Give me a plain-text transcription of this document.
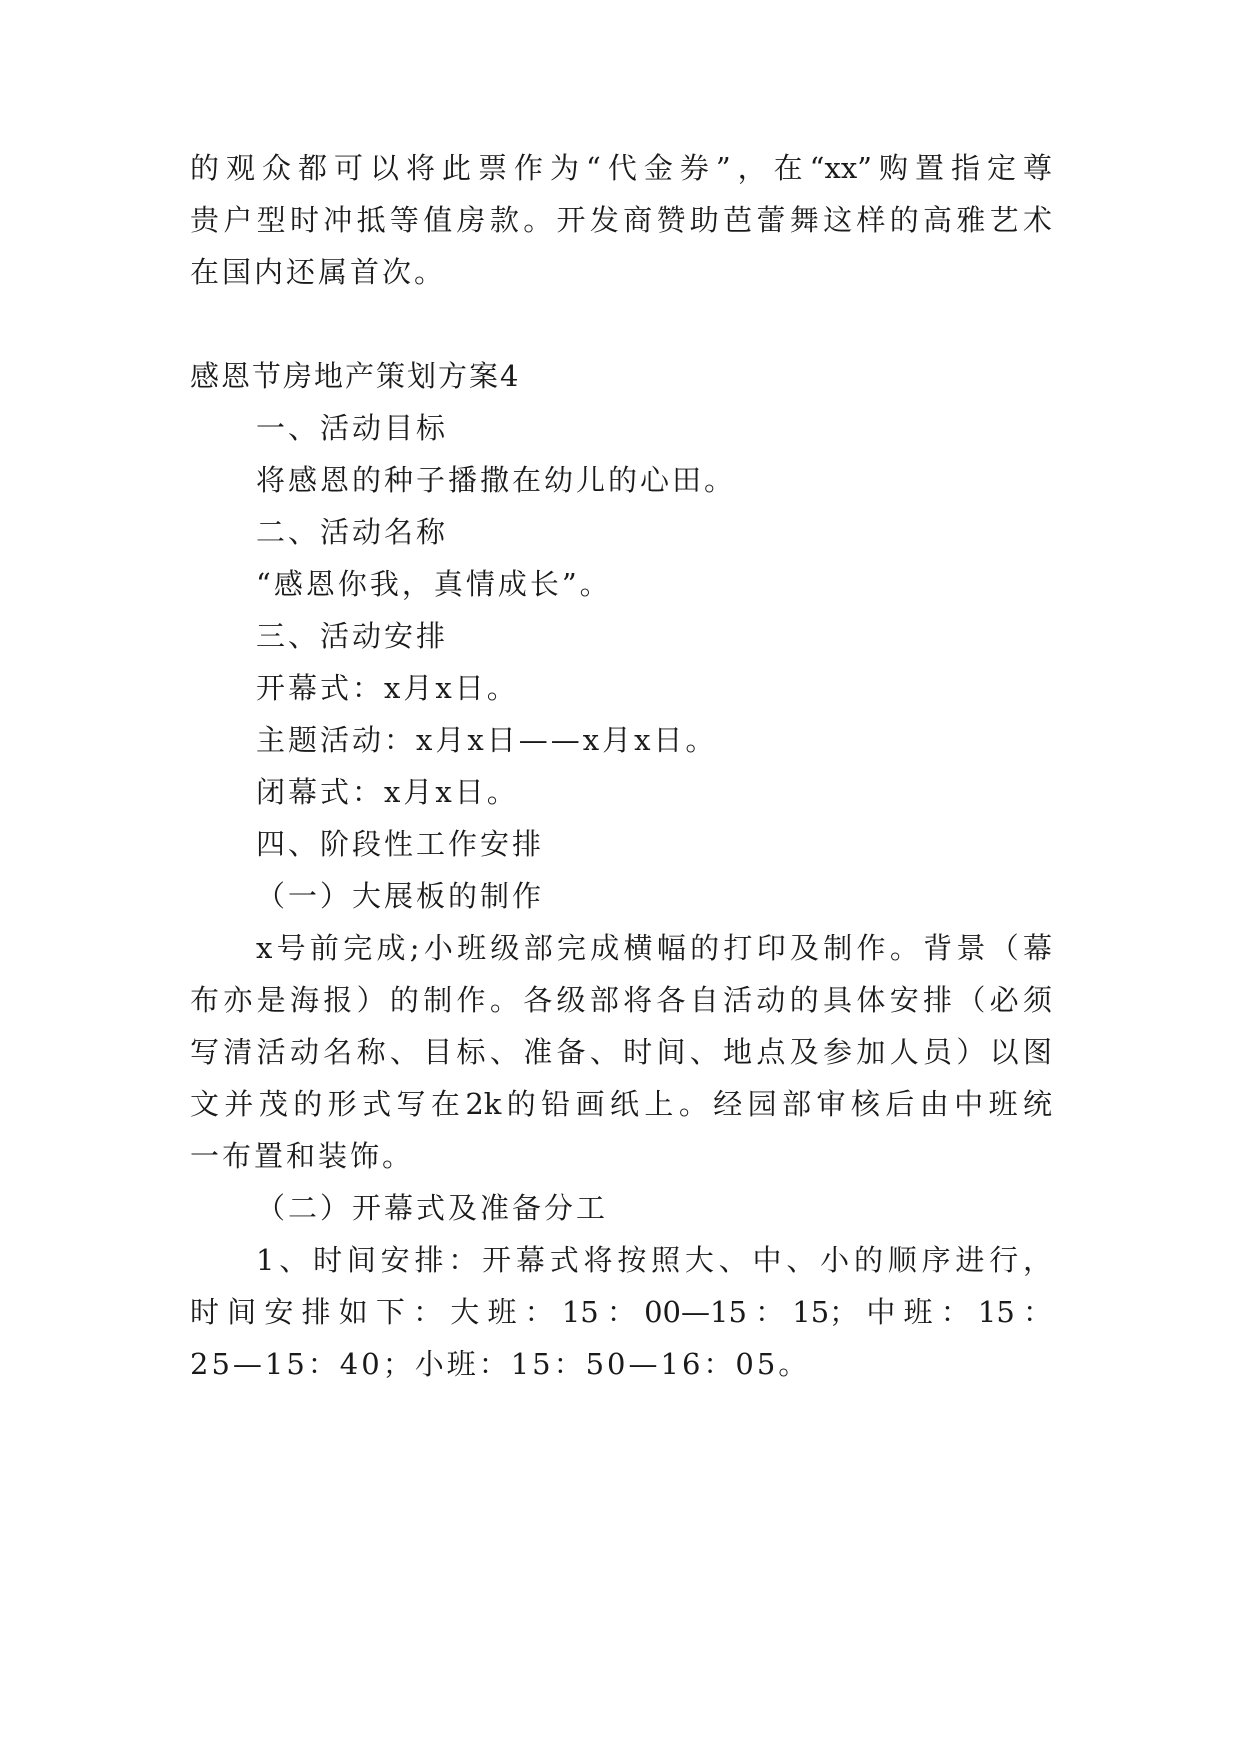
的观众都可以将此票作为“代金券”，在“xx”购置指定尊
贵户型时冲抵等值房款。开发商赞助芭蕾舞这样的高雅艺术
在国内还属首次。
感恩节房地产策划方案4
一、活动目标
将感恩的种子播撒在幼儿的心田。
二、活动名称
“感恩你我，真情成长”。
三、活动安排
开幕式：x月x日。
主题活动：x月x日——x月x日。
闭幕式：x月x日。
四、阶段性工作安排
（一）大展板的制作
x号前完成;小班级部完成横幅的打印及制作。背景（幕
布亦是海报）的制作。各级部将各自活动的具体安排（必须
写清活动名称、目标、准备、时间、地点及参加人员）以图
文并茂的形式写在2k的铅画纸上。经园部审核后由中班统
一布置和装饰。
（二）开幕式及准备分工
1、时间安排：开幕式将按照大、中、小的顺序进行，
时间安排如下：大班：15：00—15：15；中班：15：
25—15：40；小班：15：50—16：05。
